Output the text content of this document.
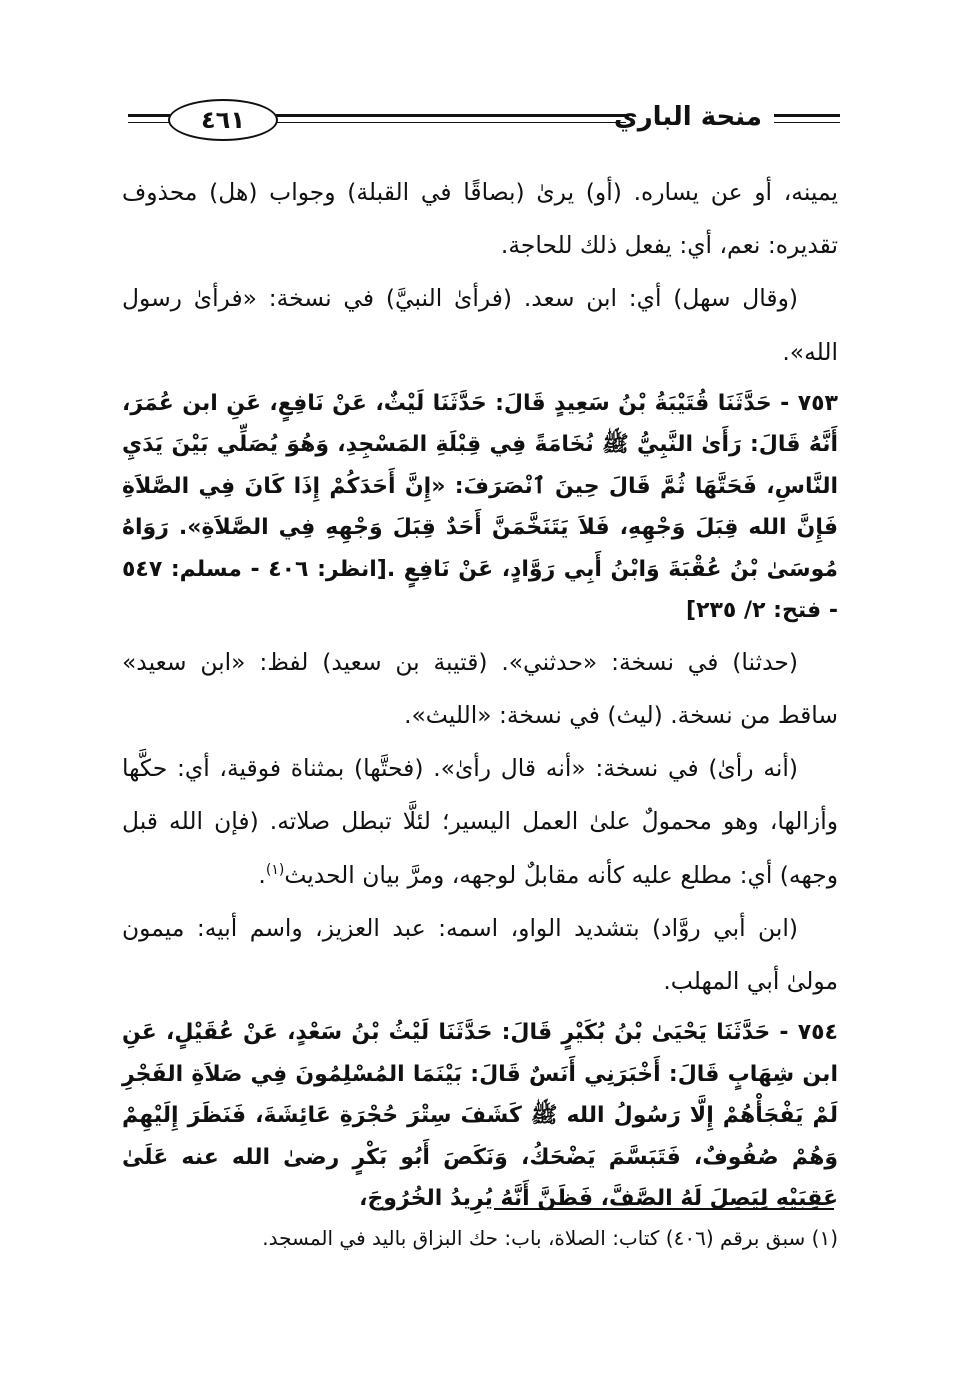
منحة الباري
٤٦١

يمينه، أو عن يساره. (أو) يرىٰ (بصاقًا في القبلة) وجواب (هل) محذوف تقديره: نعم، أي: يفعل ذلك للحاجة.

(وقال سهل) أي: ابن سعد. (فرأىٰ النبيَّ) في نسخة: «فرأىٰ رسول الله».

٧٥٣ - حَدَّثَنَا قُتَيْبَةُ بْنُ سَعِيدٍ قَالَ: حَدَّثَنَا لَيْثٌ، عَنْ نَافِعٍ، عَنِ ابن عُمَرَ، أَنَّهُ قَالَ: رَأَىٰ النَّبِيُّ ﷺ نُخَامَةً فِي قِبْلَةِ المَسْجِدِ، وَهُوَ يُصَلِّي بَيْنَ يَدَيِ النَّاسِ، فَحَتَّهَا ثُمَّ قَالَ حِينَ ٱنْصَرَفَ: «إِنَّ أَحَدَكُمْ إِذَا كَانَ فِي الصَّلاَةِ فَإِنَّ الله قِبَلَ وَجْهِهِ، فَلاَ يَتَنَخَّمَنَّ أَحَدٌ قِبَلَ وَجْهِهِ فِي الصَّلاَةِ». رَوَاهُ مُوسَىٰ بْنُ عُقْبَةَ وَابْنُ أَبِي رَوَّادٍ، عَنْ نَافِعٍ .[انظر: ٤٠٦ - مسلم: ٥٤٧ - فتح: ٢/ ٢٣٥]

(حدثنا) في نسخة: «حدثني». (قتيبة بن سعيد) لفظ: «ابن سعيد» ساقط من نسخة. (ليث) في نسخة: «الليث».

(أنه رأىٰ) في نسخة: «أنه قال رأىٰ». (فحتَّها) بمثناة فوقية، أي: حكَّها وأزالها، وهو محمولٌ علىٰ العمل اليسير؛ لئلَّا تبطل صلاته. (فإن الله قبل وجهه) أي: مطلع عليه كأنه مقابلٌ لوجهه، ومرَّ بيان الحديث$^{(١)}$.

(ابن أبي روَّاد) بتشديد الواو، اسمه: عبد العزيز، واسم أبيه: ميمون مولىٰ أبي المهلب.

٧٥٤ - حَدَّثَنَا يَحْيَىٰ بْنُ بُكَيْرٍ قَالَ: حَدَّثَنَا لَيْثُ بْنُ سَعْدٍ، عَنْ عُقَيْلٍ، عَنِ ابن شِهَابٍ قَالَ: أَخْبَرَنِي أَنَسٌ قَالَ: بَيْنَمَا المُسْلِمُونَ فِي صَلاَةِ الفَجْرِ لَمْ يَفْجَأْهُمْ إِلَّا رَسُولُ الله ﷺ كَشَفَ سِتْرَ حُجْرَةِ عَائِشَةَ، فَنَظَرَ إِلَيْهِمْ وَهُمْ صُفُوفٌ، فَتَبَسَّمَ يَضْحَكُ، وَنَكَصَ أَبُو بَكْرٍ رضىٰ الله عنه عَلَىٰ عَقِبَيْهِ لِيَصِلَ لَهُ الصَّفَّ، فَظَنَّ أَنَّهُ يُرِيدُ الخُرُوجَ،

(١) سبق برقم (٤٠٦) كتاب: الصلاة، باب: حك البزاق باليد في المسجد.
